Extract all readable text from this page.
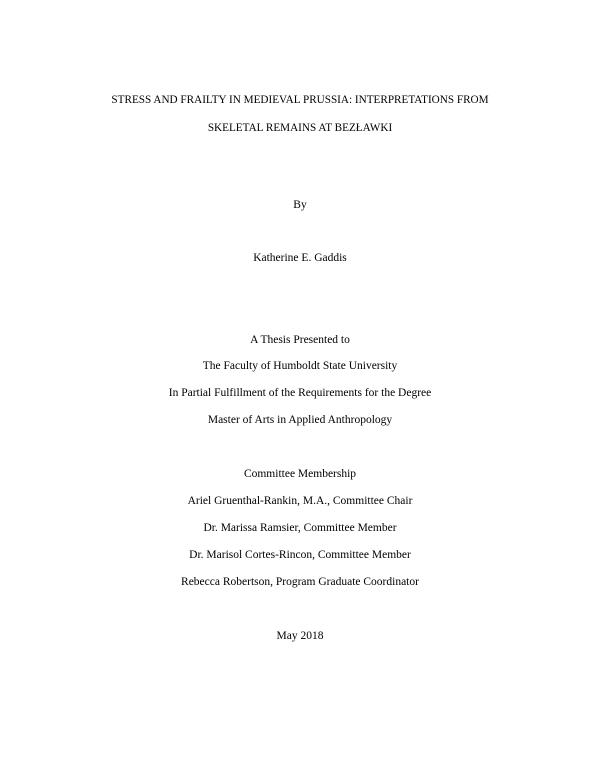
STRESS AND FRAILTY IN MEDIEVAL PRUSSIA: INTERPRETATIONS FROM

SKELETAL REMAINS AT BEZŁAWKI

By

Katherine E. Gaddis

A Thesis Presented to

The Faculty of Humboldt State University

In Partial Fulfillment of the Requirements for the Degree

Master of Arts in Applied Anthropology

Committee Membership

Ariel Gruenthal-Rankin, M.A., Committee Chair

Dr. Marissa Ramsier, Committee Member

Dr. Marisol Cortes-Rincon, Committee Member

Rebecca Robertson, Program Graduate Coordinator

May 2018
